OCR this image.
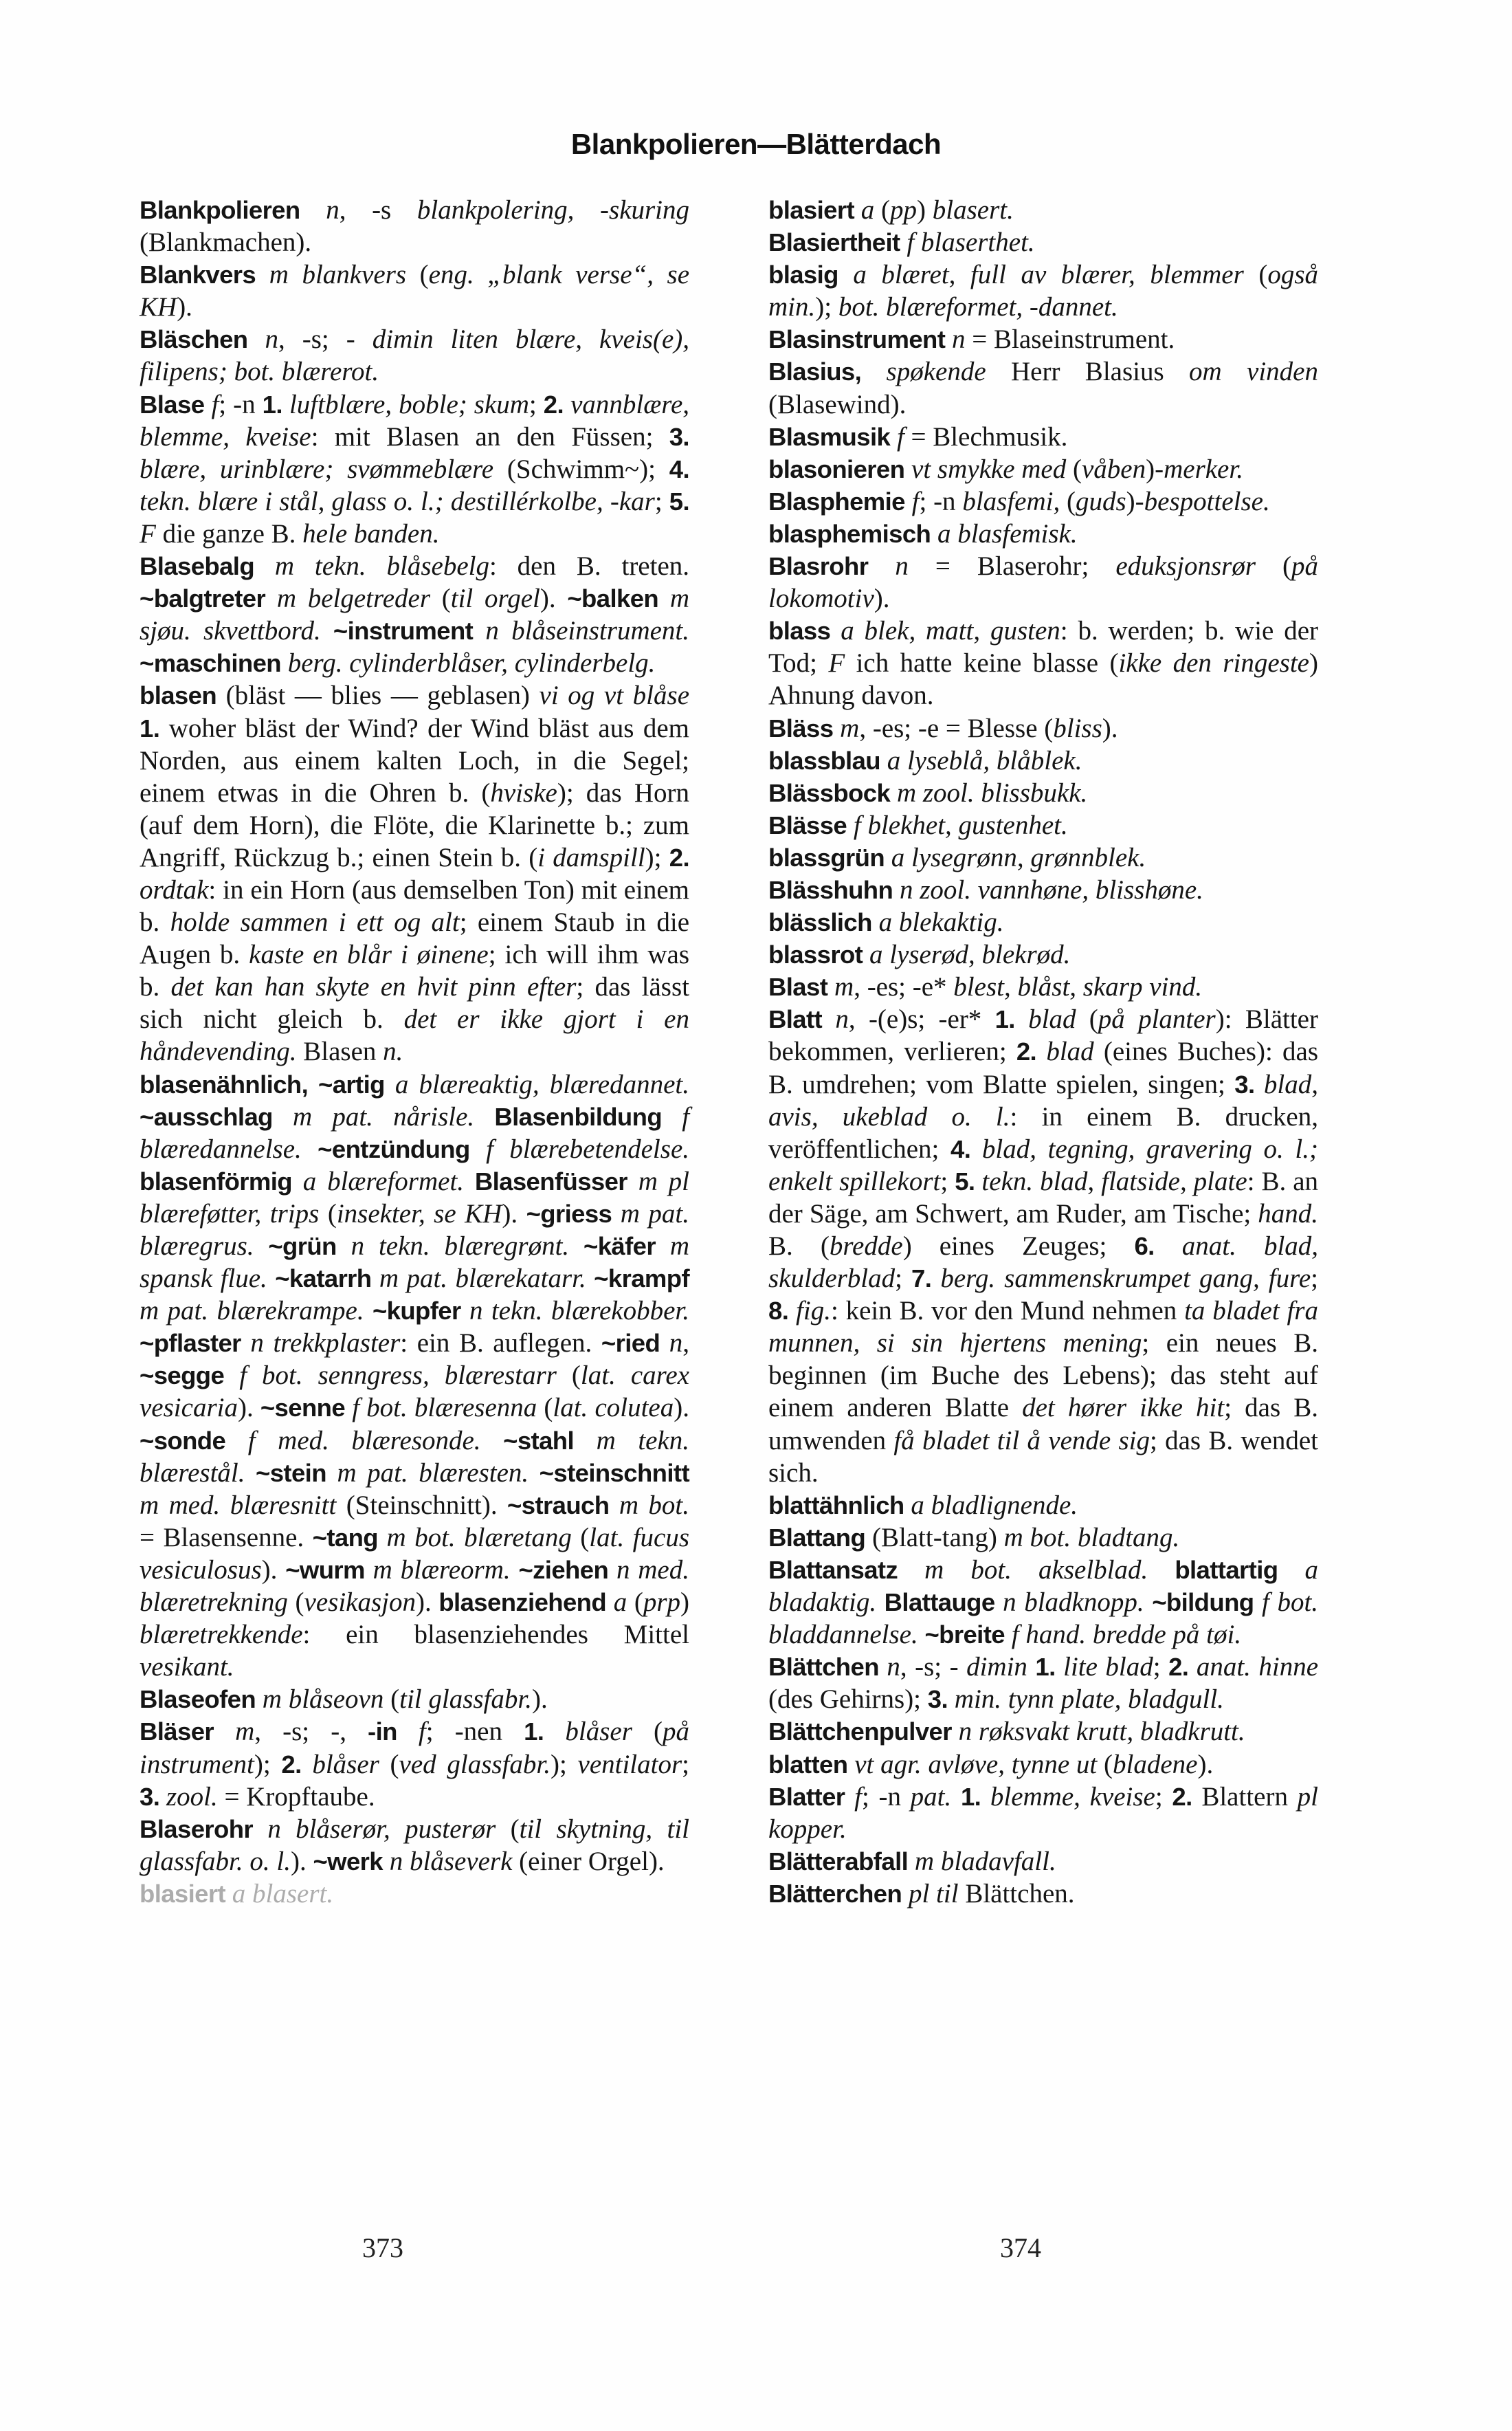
Blankpolieren—Blätterdach

Blankpolieren n, -s blankpolering, -skuring (Blankmachen).

Blankvers m blankvers (eng. „blank verse“, se KH).

Bläschen n, -s; - dimin liten blære, kveis(e), filipens; bot. blærerot.

Blase f; -n 1. luftblære, boble; skum; 2. vannblære, blemme, kveise: mit Blasen an den Füssen; 3. blære, urinblære; svømmeblære (Schwimm~); 4. tekn. blære i stål, glass o. l.; destillérkolbe, -kar; 5. F die ganze B. hele banden.

Blasebalg m tekn. blåsebelg: den B. treten. ~balgtreter m belgetreder (til orgel). ~balken m sjøu. skvettbord. ~instrument n blåseinstrument. ~maschinen berg. cylinderblåser, cylinderbelg.

blasen (bläst — blies — geblasen) vi og vt blåse 1. woher bläst der Wind? der Wind bläst aus dem Norden, aus einem kalten Loch, in die Segel; einem etwas in die Ohren b. (hviske); das Horn (auf dem Horn), die Flöte, die Klarinette b.; zum Angriff, Rückzug b.; einen Stein b. (i damspill); 2. ordtak: in ein Horn (aus demselben Ton) mit einem b. holde sammen i ett og alt; einem Staub in die Augen b. kaste en blår i øinene; ich will ihm was b. det kan han skyte en hvit pinn efter; das lässt sich nicht gleich b. det er ikke gjort i en håndevending. Blasen n.

blasenähnlich, ~artig a blæreaktig, blæredannet. ~ausschlag m pat. nårisle. Blasenbildung f blæredannelse. ~entzündung f blærebetendelse. blasenförmig a blæreformet. Blasenfüsser m pl blæreføtter, trips (insekter, se KH). ~griess m pat. blæregrus. ~grün n tekn. blæregrønt. ~käfer m spansk flue. ~katarrh m pat. blærekatarr. ~krampf m pat. blærekrampe. ~kupfer n tekn. blærekobber. ~pflaster n trekkplaster: ein B. auflegen. ~ried n, ~segge f bot. senngress, blærestarr (lat. carex vesicaria). ~senne f bot. blæresenna (lat. colutea). ~sonde f med. blæresonde. ~stahl m tekn. blærestål. ~stein m pat. blæresten. ~steinschnitt m med. blæresnitt (Steinschnitt). ~strauch m bot. = Blasensenne. ~tang m bot. blæretang (lat. fucus vesiculosus). ~wurm m blæreorm. ~ziehen n med. blæretrekning (vesikasjon). blasenziehend a (prp) blæretrekkende: ein blasenziehendes Mittel vesikant.

Blaseofen m blåseovn (til glassfabr.).

Bläser m, -s; -, -in f; -nen 1. blåser (på instrument); 2. blåser (ved glassfabr.); ventilator; 3. zool. = Kropftaube.

Blaserohr n blåserør, pusterør (til skytning, til glassfabr. o. l.). ~werk n blåseverk (einer Orgel).

blasiert a blasert.

blasiert a (pp) blasert.

Blasiertheit f blaserthet.

blasig a blæret, full av blærer, blemmer (også min.); bot. blæreformet, -dannet.

Blasinstrument n = Blaseinstrument.

Blasius, spøkende Herr Blasius om vinden (Blasewind).

Blasmusik f = Blechmusik.

blasonieren vt smykke med (våben)-merker.

Blasphemie f; -n blasfemi, (guds)-bespottelse.

blasphemisch a blasfemisk.

Blasrohr n = Blaserohr; eduksjonsrør (på lokomotiv).

blass a blek, matt, gusten: b. werden; b. wie der Tod; F ich hatte keine blasse (ikke den ringeste) Ahnung davon.

Bläss m, -es; -e = Blesse (bliss).

blassblau a lyseblå, blåblek.

Blässbock m zool. blissbukk.

Blässe f blekhet, gustenhet.

blassgrün a lysegrønn, grønnblek.

Blässhuhn n zool. vannhøne, blisshøne.

blässlich a blekaktig.

blassrot a lyserød, blekrød.

Blast m, -es; -e* blest, blåst, skarp vind.

Blatt n, -(e)s; -er* 1. blad (på planter): Blätter bekommen, verlieren; 2. blad (eines Buches): das B. umdrehen; vom Blatte spielen, singen; 3. blad, avis, ukeblad o. l.: in einem B. drucken, veröffentlichen; 4. blad, tegning, gravering o. l.; enkelt spillekort; 5. tekn. blad, flatside, plate: B. an der Säge, am Schwert, am Ruder, am Tische; hand. B. (bredde) eines Zeuges; 6. anat. blad, skulderblad; 7. berg. sammenskrumpet gang, fure; 8. fig.: kein B. vor den Mund nehmen ta bladet fra munnen, si sin hjertens mening; ein neues B. beginnen (im Buche des Lebens); das steht auf einem anderen Blatte det hører ikke hit; das B. umwenden få bladet til å vende sig; das B. wendet sich.

blattähnlich a bladlignende.

Blattang (Blatt-tang) m bot. bladtang.

Blattansatz m bot. akselblad. blattartig a bladaktig. Blattauge n bladknopp. ~bildung f bot. bladdannelse. ~breite f hand. bredde på tøi.

Blättchen n, -s; - dimin 1. lite blad; 2. anat. hinne (des Gehirns); 3. min. tynn plate, bladgull.

Blättchenpulver n røksvakt krutt, bladkrutt.

blatten vt agr. avløve, tynne ut (bladene).

Blatter f; -n pat. 1. blemme, kveise; 2. Blattern pl kopper.

Blätterabfall m bladavfall.

Blätterchen pl til Blättchen.

373	374
